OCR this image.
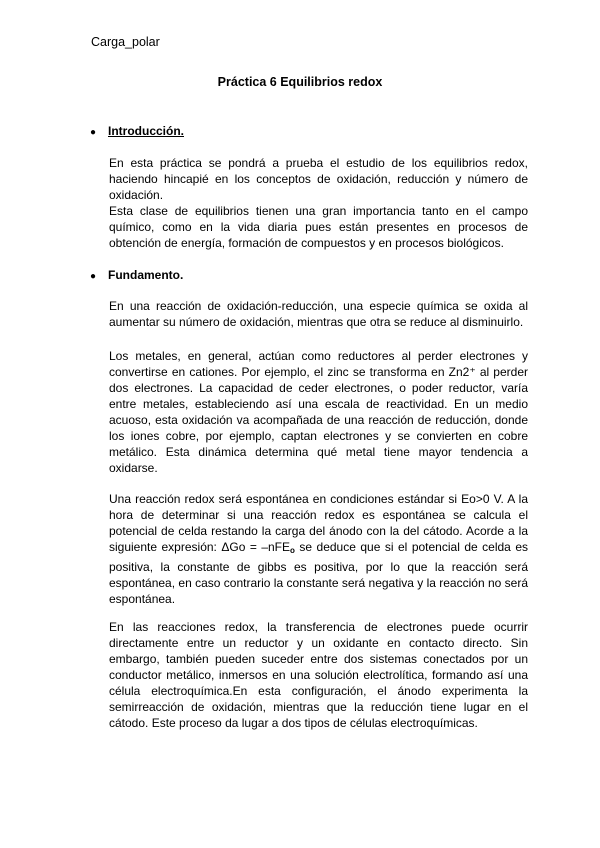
Carga_polar
Práctica 6 Equilibrios redox
● Introducción.
En esta práctica se pondrá a prueba el estudio de los equilibrios redox, haciendo hincapié en los conceptos de oxidación, reducción y número de oxidación.
Esta clase de equilibrios tienen una gran importancia tanto en el campo químico, como en la vida diaria pues están presentes en procesos de obtención de energía, formación de compuestos y en procesos biológicos.
● Fundamento.
En una reacción de oxidación-reducción, una especie química se oxida al aumentar su número de oxidación, mientras que otra se reduce al disminuirlo.
Los metales, en general, actúan como reductores al perder electrones y convertirse en cationes. Por ejemplo, el zinc se transforma en Zn2⁺ al perder dos electrones. La capacidad de ceder electrones, o poder reductor, varía entre metales, estableciendo así una escala de reactividad. En un medio acuoso, esta oxidación va acompañada de una reacción de reducción, donde los iones cobre, por ejemplo, captan electrones y se convierten en cobre metálico. Esta dinámica determina qué metal tiene mayor tendencia a oxidarse.
Una reacción redox será espontánea en condiciones estándar si Eo>0 V. A la hora de determinar si una reacción redox es espontánea se calcula el potencial de celda restando la carga del ánodo con la del cátodo. Acorde a la siguiente expresión: ΔGo = –nFE$_o$ se deduce que si el potencial de celda es positiva, la constante de gibbs es positiva, por lo que la reacción será espontánea, en caso contrario la constante será negativa y la reacción no será espontánea.
En las reacciones redox, la transferencia de electrones puede ocurrir directamente entre un reductor y un oxidante en contacto directo. Sin embargo, también pueden suceder entre dos sistemas conectados por un conductor metálico, inmersos en una solución electrolítica, formando así una célula electroquímica.En esta configuración, el ánodo experimenta la semirreacción de oxidación, mientras que la reducción tiene lugar en el cátodo. Este proceso da lugar a dos tipos de células electroquímicas.
